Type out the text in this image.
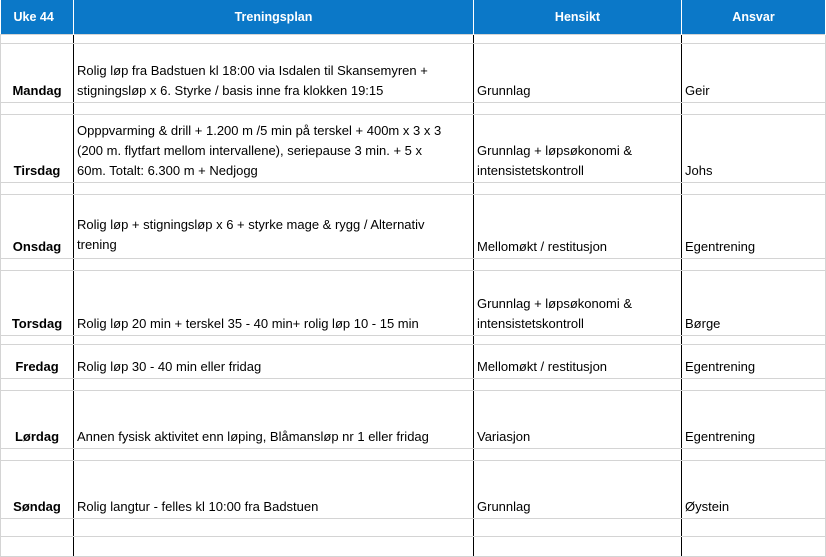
Uke 44	Treningsplan	Hensikt	Ansvar

Mandag	Rolig løp fra Badstuen kl 18:00 via Isdalen til Skansemyren +
stigningsløp x 6. Styrke / basis inne fra klokken 19:15	Grunnlag	Geir

Tirsdag	Opppvarming & drill + 1.200 m /5 min på terskel + 400m x 3 x 3
(200 m. flytfart mellom intervallene), seriepause 3 min. + 5 x
60m. Totalt: 6.300 m + Nedjogg	Grunnlag + løpsøkonomi &
intensistetskontroll	Johs

Onsdag	Rolig løp + stigningsløp x 6 + styrke mage & rygg / Alternativ
trening	Mellomøkt / restitusjon	Egentrening

Torsdag	Rolig løp 20 min + terskel 35 - 40 min+ rolig løp 10 - 15 min	Grunnlag + løpsøkonomi &
intensistetskontroll	Børge

Fredag	Rolig løp 30 - 40 min eller fridag	Mellomøkt / restitusjon	Egentrening

Lørdag	Annen fysisk aktivitet enn løping, Blåmansløp nr 1 eller fridag	Variasjon	Egentrening

Søndag	Rolig langtur - felles kl 10:00 fra Badstuen	Grunnlag	Øystein
